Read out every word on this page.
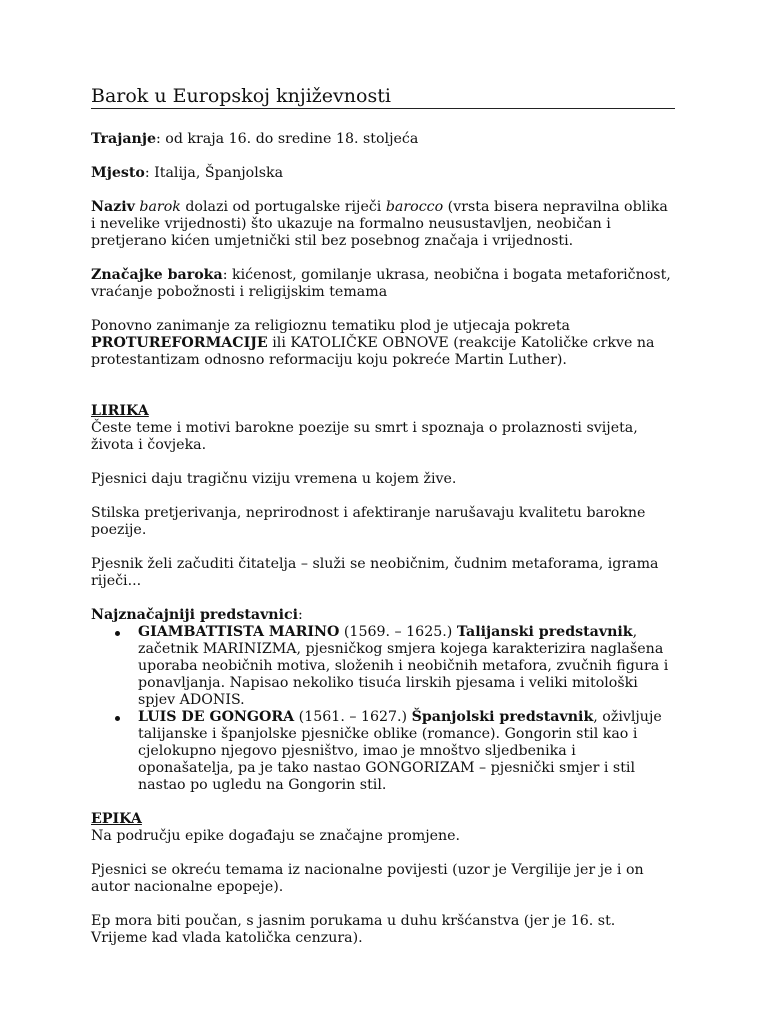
Barok u Europskoj književnosti

Trajanje: od kraja 16. do sredine 18. stoljeća

Mjesto: Italija, Španjolska

Naziv barok dolazi od portugalske riječi barocco (vrsta bisera nepravilna oblika i nevelike vrijednosti) što ukazuje na formalno neusustavljen, neobičan i pretjerano kićen umjetnički stil bez posebnog značaja i vrijednosti.

Značajke baroka: kićenost, gomilanje ukrasa, neobična i bogata metaforičnost, vraćanje pobožnosti i religijskim temama

Ponovno zanimanje za religioznu tematiku plod je utjecaja pokreta PROTUREFORMACIJE ili KATOLIČKE OBNOVE (reakcije Katoličke crkve na protestantizam odnosno reformaciju koju pokreće Martin Luther).

LIRIKA

Česte teme i motivi barokne poezije su smrt i spoznaja o prolaznosti svijeta, života i čovjeka.

Pjesnici daju tragičnu viziju vremena u kojem žive.

Stilska pretjerivanja, neprirodnost i afektiranje narušavaju kvalitetu barokne poezije.

Pjesnik želi začuditi čitatelja – služi se neobičnim, čudnim metaforama, igrama riječi...

Najznačajniji predstavnici:

GIAMBATTISTA MARINO (1569. – 1625.) Talijanski predstavnik, začetnik MARINIZMA, pjesničkog smjera kojega karakterizira naglašena uporaba neobičnih motiva, složenih i neobičnih metafora, zvučnih figura i ponavljanja. Napisao nekoliko tisuća lirskih pjesama i veliki mitološki spjev ADONIS.
LUIS DE GONGORA (1561. – 1627.) Španjolski predstavnik, oživljuje talijanske i španjolske pjesničke oblike (romance). Gongorin stil kao i cjelokupno njegovo pjesništvo, imao je mnoštvo sljedbenika i oponašatelja, pa je tako nastao GONGORIZAM – pjesnički smjer i stil nastao po ugledu na Gongorin stil.

EPIKA

Na području epike događaju se značajne promjene.

Pjesnici se okreću temama iz nacionalne povijesti (uzor je Vergilije jer je i on autor nacionalne epopeje).

Ep mora biti poučan, s jasnim porukama u duhu kršćanstva (jer je 16. st. Vrijeme kad vlada katolička cenzura).
